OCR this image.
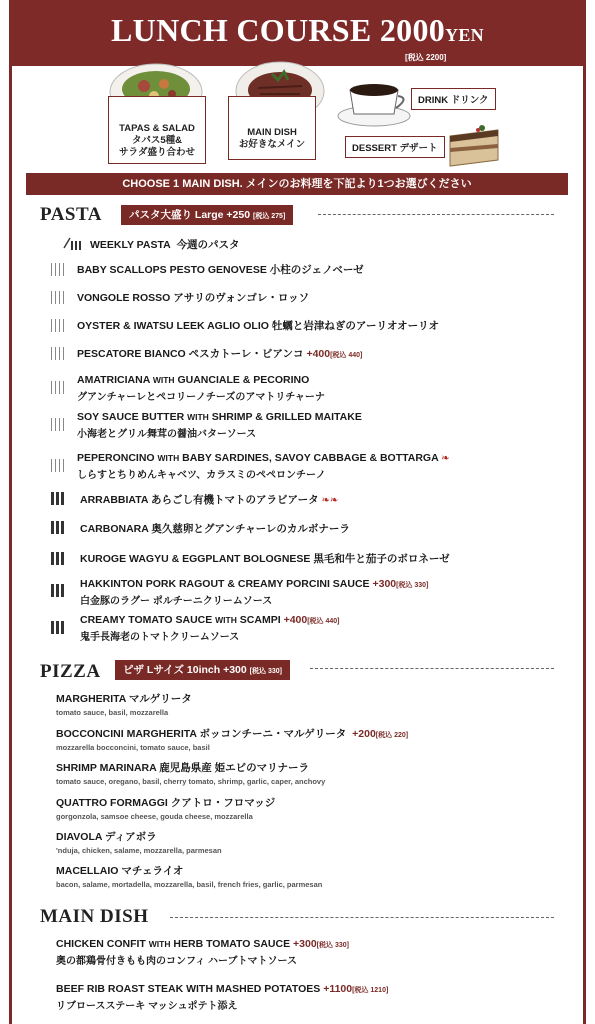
LUNCH COURSE 2000YEN
[税込 2200]
TAPAS & SALAD
タパス5種&
サラダ盛り合わせ
MAIN DISH
お好きなメイン
DRINK ドリンク
DESSERT デザート
CHOOSE 1 MAIN DISH. メインのお料理を下記より1つお選びください
PASTA	パスタ大盛り Large +250 [税込 275]
WEEKLY PASTA 今週のパスタ
BABY SCALLOPS PESTO GENOVESE 小柱のジェノベーゼ
VONGOLE ROSSO アサリのヴォンゴレ・ロッソ
OYSTER & IWATSU LEEK AGLIO OLIO 牡蠣と岩津ねぎのアーリオオーリオ
PESCATORE BIANCO ペスカトーレ・ビアンコ +400[税込 440]
AMATRICIANA WITH GUANCIALE & PECORINO
グアンチャーレとペコリーノチーズのアマトリチャーナ
SOY SAUCE BUTTER WITH SHRIMP & GRILLED MAITAKE
小海老とグリル舞茸の醤油バターソース
PEPERONCINO WITH BABY SARDINES, SAVOY CABBAGE & BOTTARGA ❧
しらすとちりめんキャベツ、カラスミのペペロンチーノ
ARRABBIATA あらごし有機トマトのアラビアータ ❧❧
CARBONARA 奥久慈卵とグアンチャーレのカルボナーラ
KUROGE WAGYU & EGGPLANT BOLOGNESE 黒毛和牛と茄子のボロネーゼ
HAKKINTON PORK RAGOUT & CREAMY PORCINI SAUCE +300[税込 330]
白金豚のラグー ポルチーニクリームソース
CREAMY TOMATO SAUCE WITH SCAMPI +400[税込 440]
鬼手長海老のトマトクリームソース
PIZZA	ピザ Lサイズ 10inch +300 [税込 330]
MARGHERITA マルゲリータ
tomato sauce, basil, mozzarella
BOCCONCINI MARGHERITA ボッコンチーニ・マルゲリータ +200[税込 220]
mozzarella bocconcini, tomato sauce, basil
SHRIMP MARINARA 鹿児島県産 姫エビのマリナーラ
tomato sauce, oregano, basil, cherry tomato, shrimp, garlic, caper, anchovy
QUATTRO FORMAGGI クアトロ・フロマッジ
gorgonzola, samsoe cheese, gouda cheese, mozzarella
DIAVOLA ディアボラ
'nduja, chicken, salame, mozzarella, parmesan
MACELLAIO マチェライオ
bacon, salame, mortadella, mozzarella, basil, french fries, garlic, parmesan
MAIN DISH
CHICKEN CONFIT WITH HERB TOMATO SAUCE +300[税込 330]
奥の都鶏骨付きもも肉のコンフィ ハーブトマトソース
BEEF RIB ROAST STEAK WITH MASHED POTATOES +1100[税込 1210]
リブロースステーキ マッシュポテト添え
